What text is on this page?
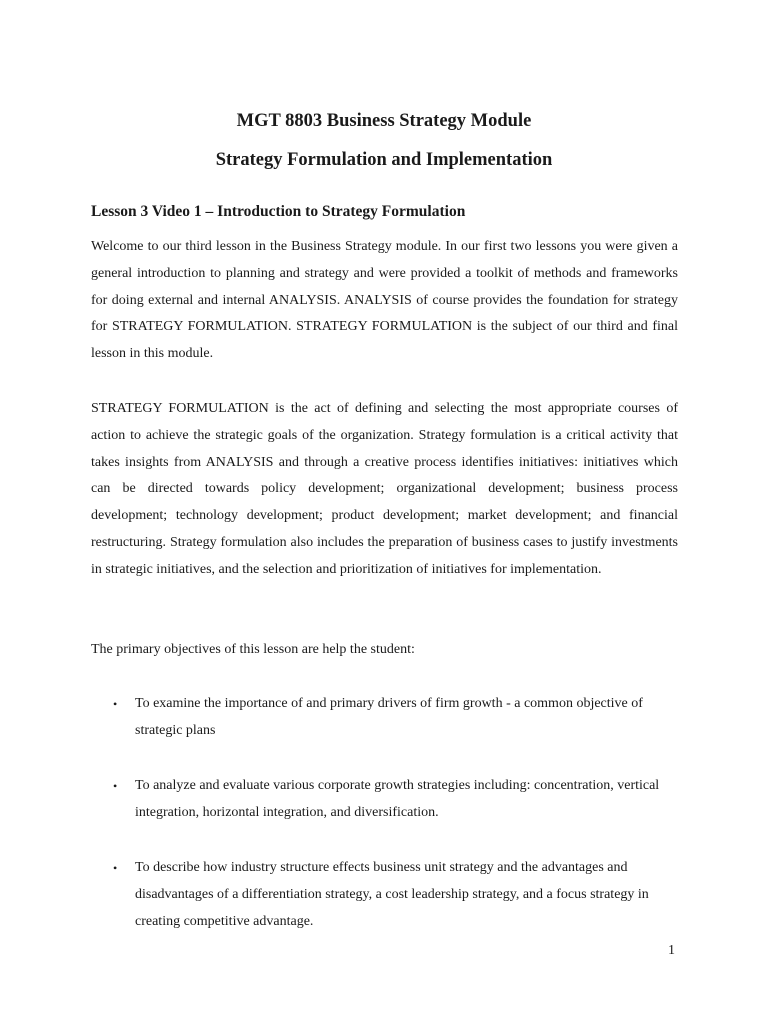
MGT 8803 Business Strategy Module
Strategy Formulation and Implementation
Lesson 3 Video 1 – Introduction to Strategy Formulation

Welcome to our third lesson in the Business Strategy module. In our first two lessons you were given a general introduction to planning and strategy and were provided a toolkit of methods and frameworks for doing external and internal ANALYSIS. ANALYSIS of course provides the foundation for strategy for STRATEGY FORMULATION. STRATEGY FORMULATION is the subject of our third and final lesson in this module.

STRATEGY FORMULATION is the act of defining and selecting the most appropriate courses of action to achieve the strategic goals of the organization. Strategy formulation is a critical activity that takes insights from ANALYSIS and through a creative process identifies initiatives: initiatives which can be directed towards policy development; organizational development; business process development; technology development; product development; market development; and financial restructuring. Strategy formulation also includes the preparation of business cases to justify investments in strategic initiatives, and the selection and prioritization of initiatives for implementation.

The primary objectives of this lesson are help the student:

•	To examine the importance of and primary drivers of firm growth - a common objective of strategic plans
•	To analyze and evaluate various corporate growth strategies including: concentration, vertical integration, horizontal integration, and diversification.
•	To describe how industry structure effects business unit strategy and the advantages and disadvantages of a differentiation strategy, a cost leadership strategy, and a focus strategy in creating competitive advantage.
1
